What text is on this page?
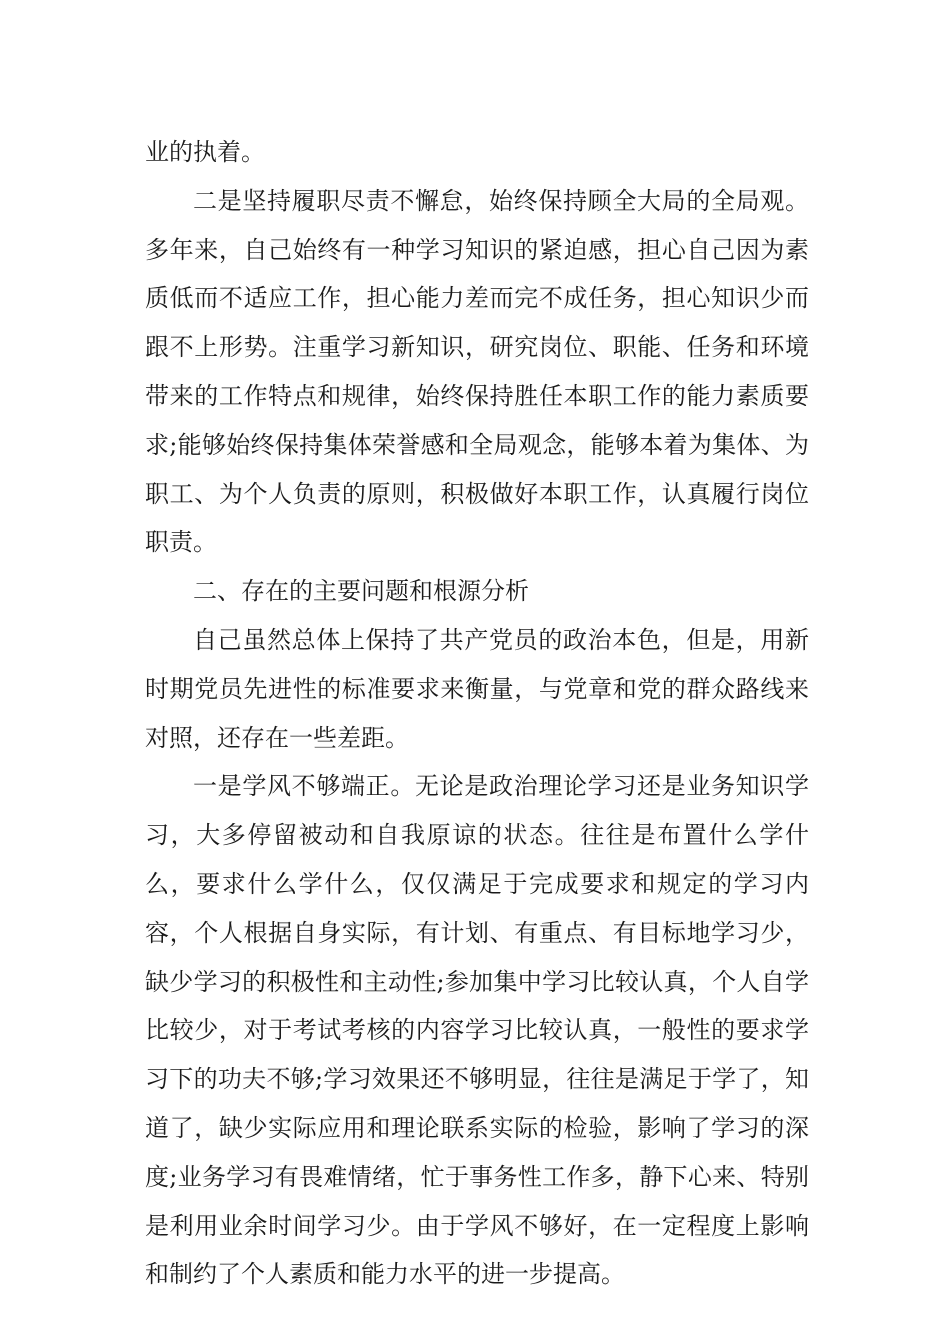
业的执着。

二是坚持履职尽责不懈怠，始终保持顾全大局的全局观。多年来，自己始终有一种学习知识的紧迫感，担心自己因为素质低而不适应工作，担心能力差而完不成任务，担心知识少而跟不上形势。注重学习新知识，研究岗位、职能、任务和环境带来的工作特点和规律，始终保持胜任本职工作的能力素质要求;能够始终保持集体荣誉感和全局观念，能够本着为集体、为职工、为个人负责的原则，积极做好本职工作，认真履行岗位职责。

二、存在的主要问题和根源分析

自己虽然总体上保持了共产党员的政治本色，但是，用新时期党员先进性的标准要求来衡量，与党章和党的群众路线来对照，还存在一些差距。

一是学风不够端正。无论是政治理论学习还是业务知识学习，大多停留被动和自我原谅的状态。往往是布置什么学什么，要求什么学什么，仅仅满足于完成要求和规定的学习内容，个人根据自身实际，有计划、有重点、有目标地学习少，缺少学习的积极性和主动性;参加集中学习比较认真，个人自学比较少，对于考试考核的内容学习比较认真，一般性的要求学习下的功夫不够;学习效果还不够明显，往往是满足于学了，知道了，缺少实际应用和理论联系实际的检验，影响了学习的深度;业务学习有畏难情绪，忙于事务性工作多，静下心来、特别是利用业余时间学习少。由于学风不够好，在一定程度上影响和制约了个人素质和能力水平的进一步提高。
